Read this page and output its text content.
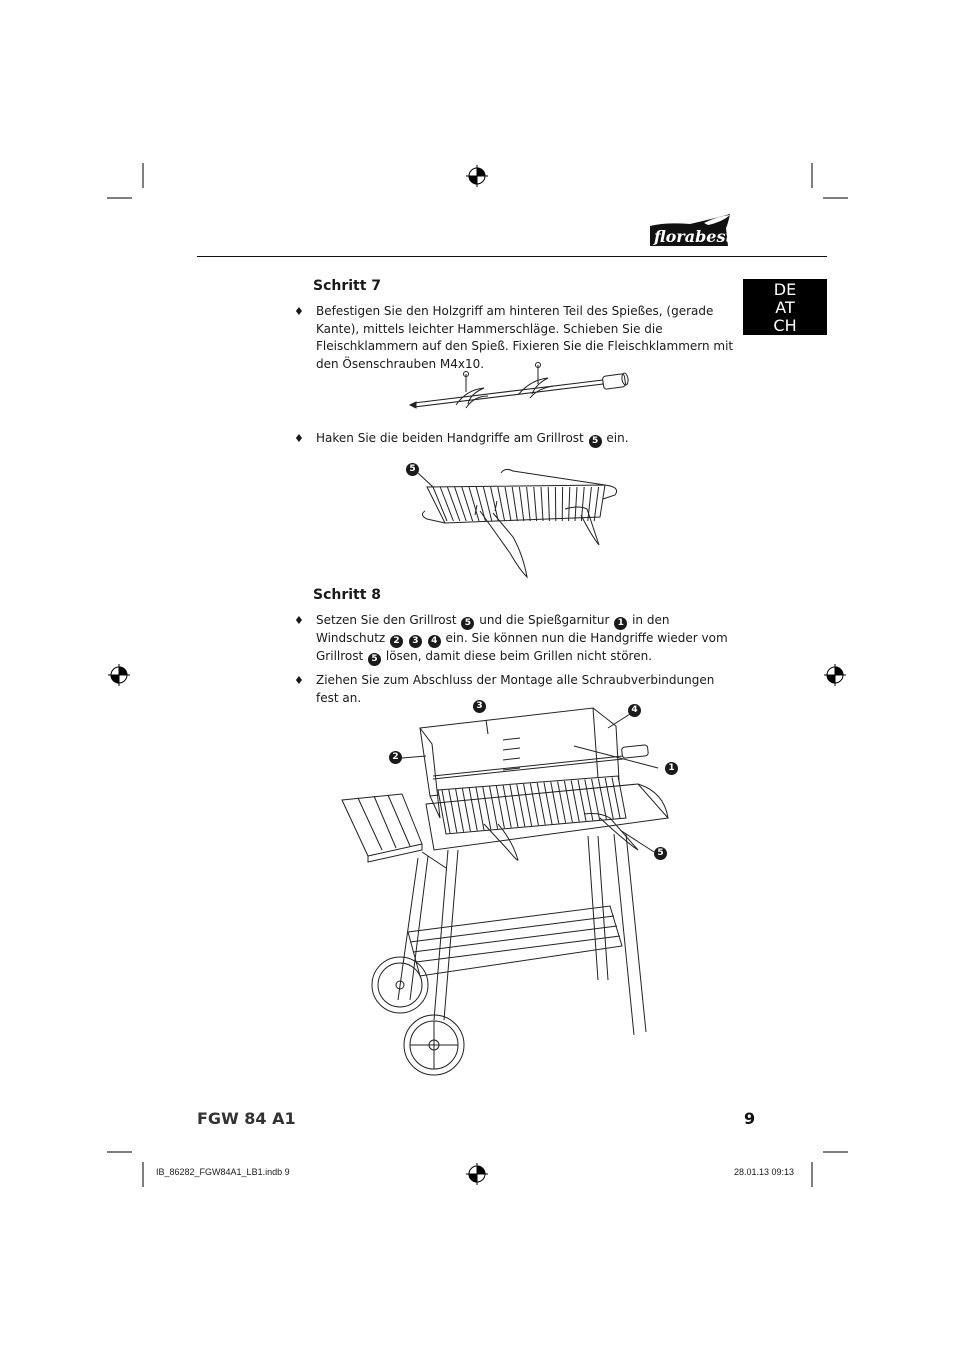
florabest
DE
AT
CH
Schritt 7
♦ Befestigen Sie den Holzgriff am hinteren Teil des Spießes, (gerade Kante), mittels leichter Hammerschläge. Schieben Sie die Fleischklammern auf den Spieß. Fixieren Sie die Fleischklammern mit den Ösenschrauben M4x10.
♦ Haken Sie die beiden Handgriffe am Grillrost 5 ein.
5
Schritt 8
♦ Setzen Sie den Grillrost 5 und die Spießgarnitur 1 in den Windschutz 2 3 4 ein. Sie können nun die Handgriffe wieder vom Grillrost 5 lösen, damit diese beim Grillen nicht stören.
♦ Ziehen Sie zum Abschluss der Montage alle Schraubverbindungen fest an.
3	4
2
1
5
FGW 84 A1	9
IB_86282_FGW84A1_LB1.indb 9	28.01.13 09:13
